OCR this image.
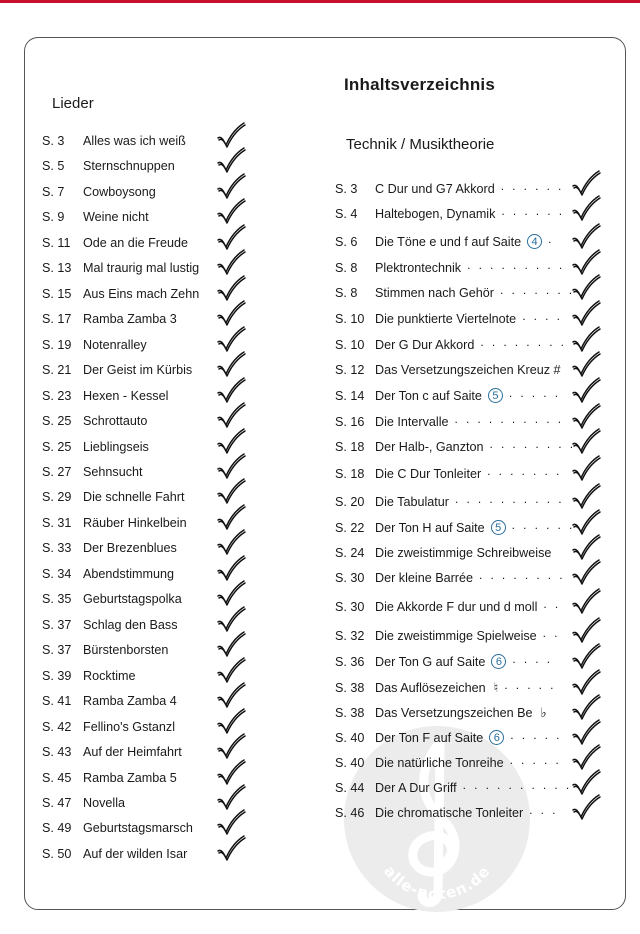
alle-noten.de
Inhaltsverzeichnis
Lieder
Technik / Musiktheorie
S. 3	Alles was ich weiß
S. 5	Sternschnuppen
S. 7	Cowboysong
S. 9	Weine nicht
S. 11 Ode an die Freude
S. 13 Mal traurig mal lustig
S. 15 Aus Eins mach Zehn
S. 17 Ramba Zamba 3
S. 19 Notenralley
S. 21 Der Geist im Kürbis
S. 23 Hexen - Kessel
S. 25 Schrottauto
S. 25 Lieblingseis
S. 27 Sehnsucht
S. 29 Die schnelle Fahrt
S. 31 Räuber Hinkelbein
S. 33 Der Brezenblues
S. 34 Abendstimmung
S. 35 Geburtstagspolka
S. 37 Schlag den Bass
S. 37 Bürstenborsten
S. 39 Rocktime
S. 41 Ramba Zamba 4
S. 42 Fellino's Gstanzl
S. 43 Auf der Heimfahrt
S. 45 Ramba Zamba 5
S. 47 Novella
S. 49 Geburtstagsmarsch
S. 50 Auf der wilden Isar
S. 3	C Dur und G7 Akkord . . . . . .
S. 4	Haltebogen, Dynamik . . . . . .
S. 6	Die Töne e und f auf Saite 4 .
S. 8	Plektrontechnik . . . . . . . . .
S. 8	Stimmen nach Gehör . . . . . . .
S. 10 Die punktierte Viertelnote . . . .
S. 10 Der G Dur Akkord . . . . . . . .
S. 12 Das Versetzungszeichen Kreuz #
S. 14 Der Ton c auf Saite 5 . . . . .
S. 16 Die Intervalle . . . . . . . . . .
S. 18 Der Halb-, Ganzton . . . . . . . .
S. 18 Die C Dur Tonleiter . . . . . . .
S. 20 Die Tabulatur . . . . . . . . . .
S. 22 Der Ton H auf Saite 5 . . . . . .
S. 24 Die zweistimmige Schreibweise
S. 30 Der kleine Barrée . . . . . . . .
S. 30 Die Akkorde F dur und d moll . .
S. 32 Die zweistimmige Spielweise . .
S. 36 Der Ton G auf Saite 6 . . . .
S. 38 Das Auflösezeichen ♮ . . . . .
S. 38 Das Versetzungszeichen Be ♭
S. 40 Der Ton F auf Saite 6 . . . . .
S. 40 Die natürliche Tonreihe . . . . .
S. 44 Der A Dur Griff . . . . . . . . . .
S. 46 Die chromatische Tonleiter . . .
